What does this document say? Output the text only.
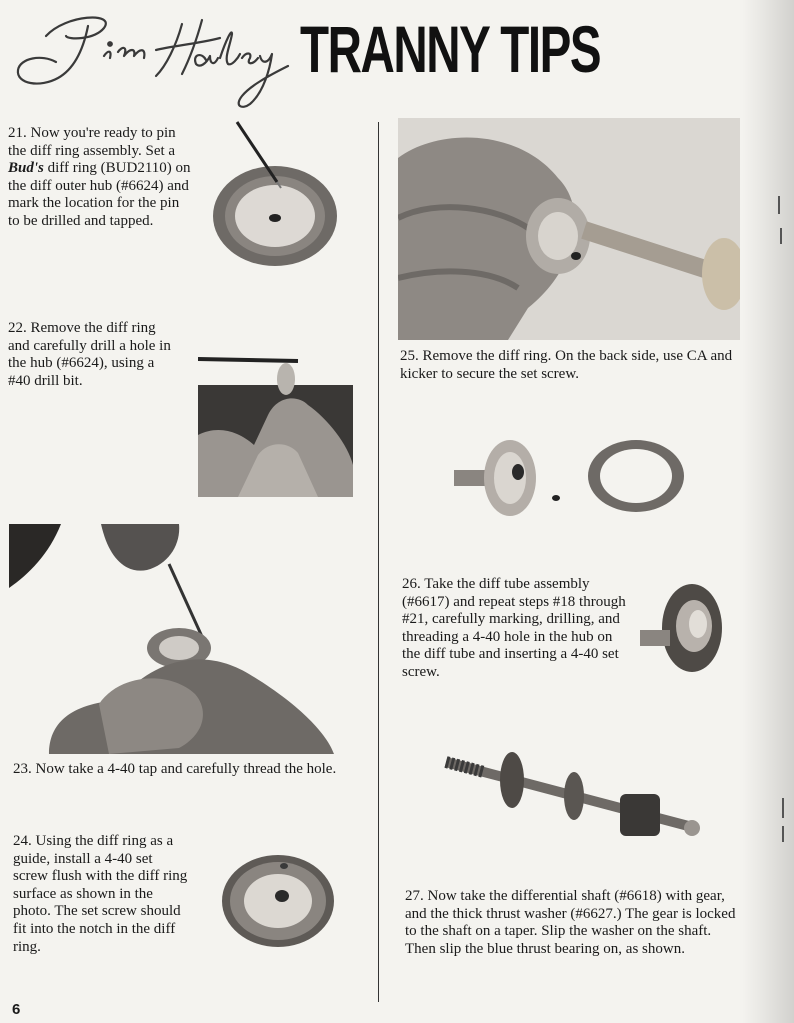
TRANNY TIPS

21. Now you're ready to pin the diff ring assembly. Set a Bud's diff ring (BUD2110) on the diff outer hub (#6624) and mark the location for the pin to be drilled and tapped.

22. Remove the diff ring and carefully drill a hole in the hub (#6624), using a #40 drill bit.

23. Now take a 4-40 tap and carefully thread the hole.

24. Using the diff ring as a guide, install a 4-40 set screw flush with the diff ring surface as shown in the photo. The set screw should fit into the notch in the diff ring.

25. Remove the diff ring. On the back side, use CA and kicker to secure the set screw.

26. Take the diff tube assembly (#6617) and repeat steps #18 through #21, carefully marking, drilling, and threading a 4-40 hole in the hub on the diff tube and inserting a 4-40 set screw.

27. Now take the differential shaft (#6618) with gear, and the thick thrust washer (#6627.) The gear is locked to the shaft on a taper. Slip the washer on the shaft. Then slip the blue thrust bearing on, as shown.

6
